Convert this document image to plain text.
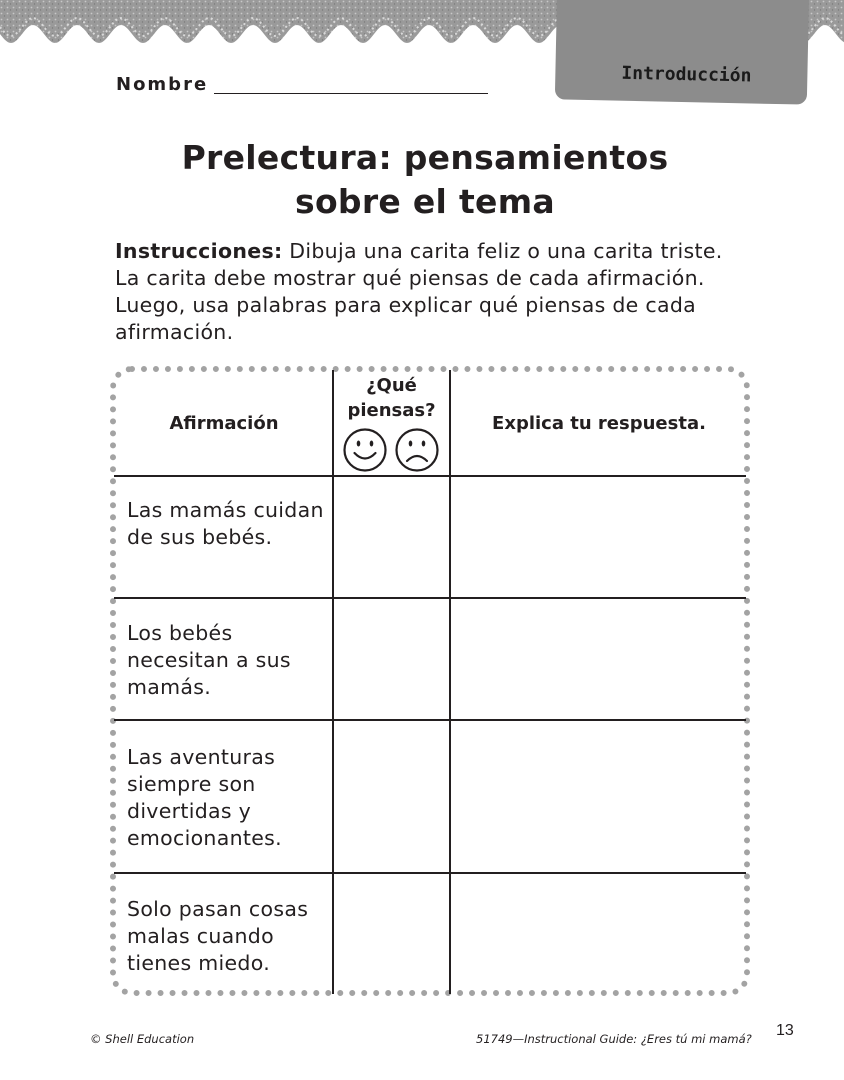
Introducción
Nombre
Prelectura: pensamientos
sobre el tema
Instrucciones: Dibuja una carita feliz o una carita triste. La carita debe mostrar qué piensas de cada afirmación. Luego, usa palabras para explicar qué piensas de cada afirmación.
Afirmación
¿Qué
piensas?
Explica tu respuesta.
Las mamás cuidan de sus bebés.
Los bebés necesitan a sus mamás.
Las aventuras siempre son divertidas y emocionantes.
Solo pasan cosas malas cuando tienes miedo.
© Shell Education	51749—Instructional Guide: ¿Eres tú mi mamá? 13
